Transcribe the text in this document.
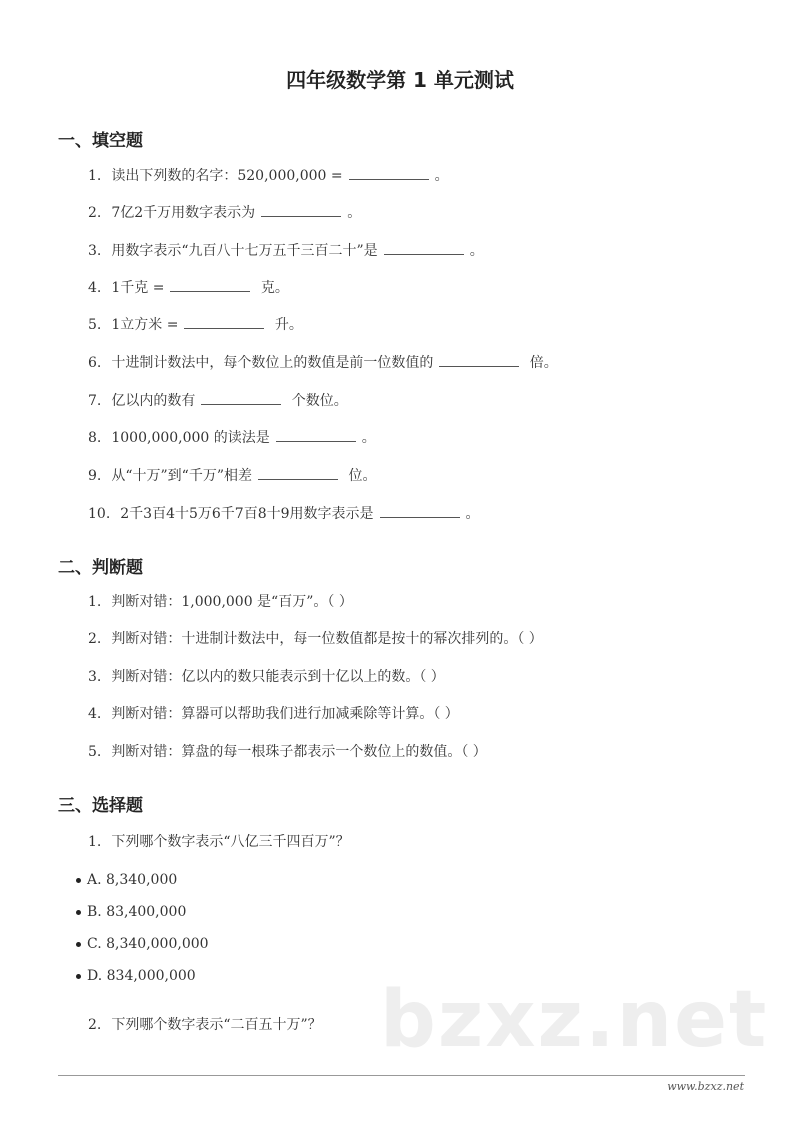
四年级数学第 1 单元测试
一、填空题
1. 读出下列数的名字：520,000,000 =	。
2. 7亿2千万用数字表示为	。
3. 用数字表示“九百八十七万五千三百二十”是	。
4. 1千克 =	克。
5. 1立方米 =	升。
6. 十进制计数法中，每个数位上的数值是前一位数值的	倍。
7. 亿以内的数有	个数位。
8. 1000,000,000 的读法是	。
9. 从“十万”到“千万”相差	位。
10. 2千3百4十5万6千7百8十9用数字表示是	。
二、判断题
1. 判断对错：1,000,000 是“百万”。（ ）
2. 判断对错：十进制计数法中，每一位数值都是按十的幂次排列的。（ ）
3. 判断对错：亿以内的数只能表示到十亿以上的数。（ ）
4. 判断对错：算器可以帮助我们进行加减乘除等计算。（ ）
5. 判断对错：算盘的每一根珠子都表示一个数位上的数值。（ ）
三、选择题
1. 下列哪个数字表示“八亿三千四百万”？
A. 8,340,000
B. 83,400,000
C. 8,340,000,000
D. 834,000,000 bzxz.net
2. 下列哪个数字表示“二百五十万”？
www.bzxz.net
